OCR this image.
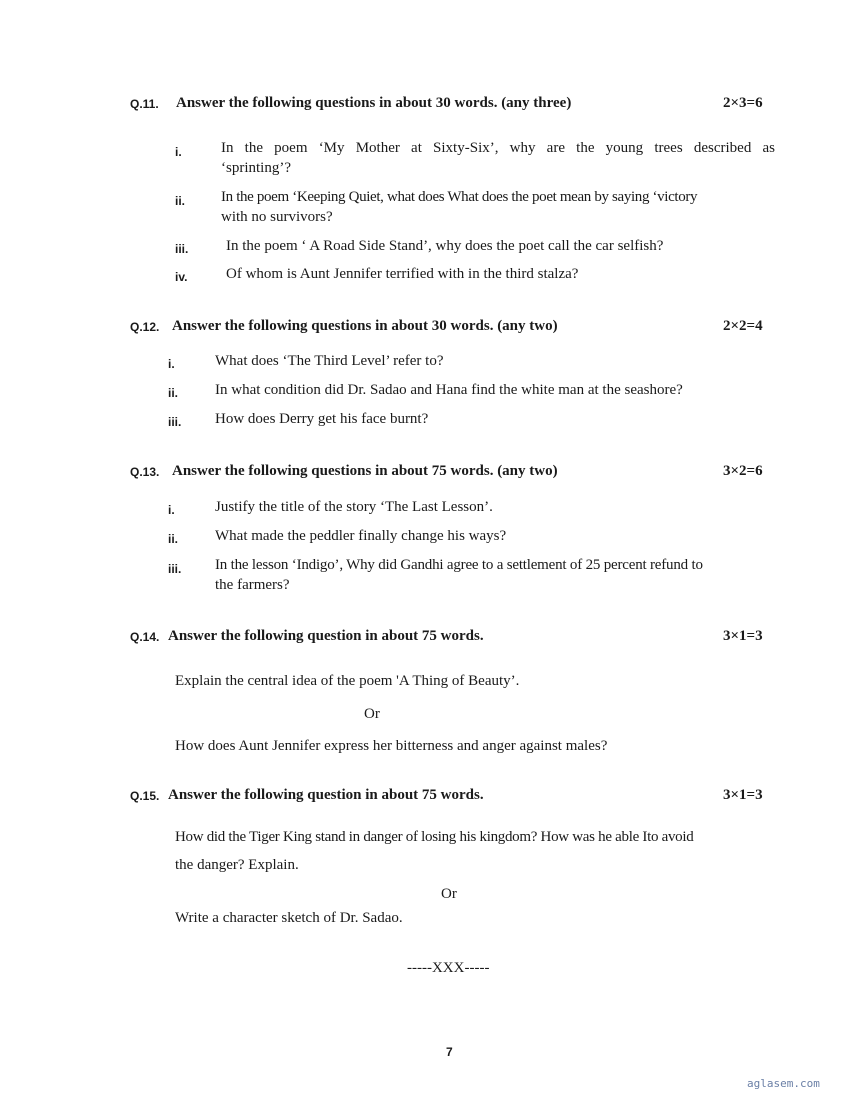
Q.11. Answer the following questions in about 30 words. (any three)	2×3=6
i.	In the poem ‘My Mother at Sixty-Six’, why are the young trees described as
‘sprinting’?
ii. In the poem ‘Keeping Quiet, what does What does the poet mean by saying ‘victory
with no survivors?
iii.	In the poem ‘ A Road Side Stand’, why does the poet call the car selfish?
iv.	Of whom is Aunt Jennifer terrified with in the third stalza?
Q.12. Answer the following questions in about 30 words. (any two)	2×2=4
i.	What does ‘The Third Level’ refer to?
ii. In what condition did Dr. Sadao and Hana find the white man at the seashore?
iii. How does Derry get his face burnt?
Q.13. Answer the following questions in about 75 words. (any two)	3×2=6
i.	Justify the title of the story ‘The Last Lesson’.
ii. What made the peddler finally change his ways?
iii. In the lesson ‘Indigo’, Why did Gandhi agree to a settlement of 25 percent refund to
the farmers?
Q.14. Answer the following question in about 75 words.	3×1=3
Explain the central idea of the poem 'A Thing of Beauty’.
Or
How does Aunt Jennifer express her bitterness and anger against males?
Q.15. Answer the following question in about 75 words.	3×1=3
How did the Tiger King stand in danger of losing his kingdom? How was he able Ito avoid
the danger? Explain.
Or
Write a character sketch of Dr. Sadao.
-----XXX-----
7
aglasem.com
